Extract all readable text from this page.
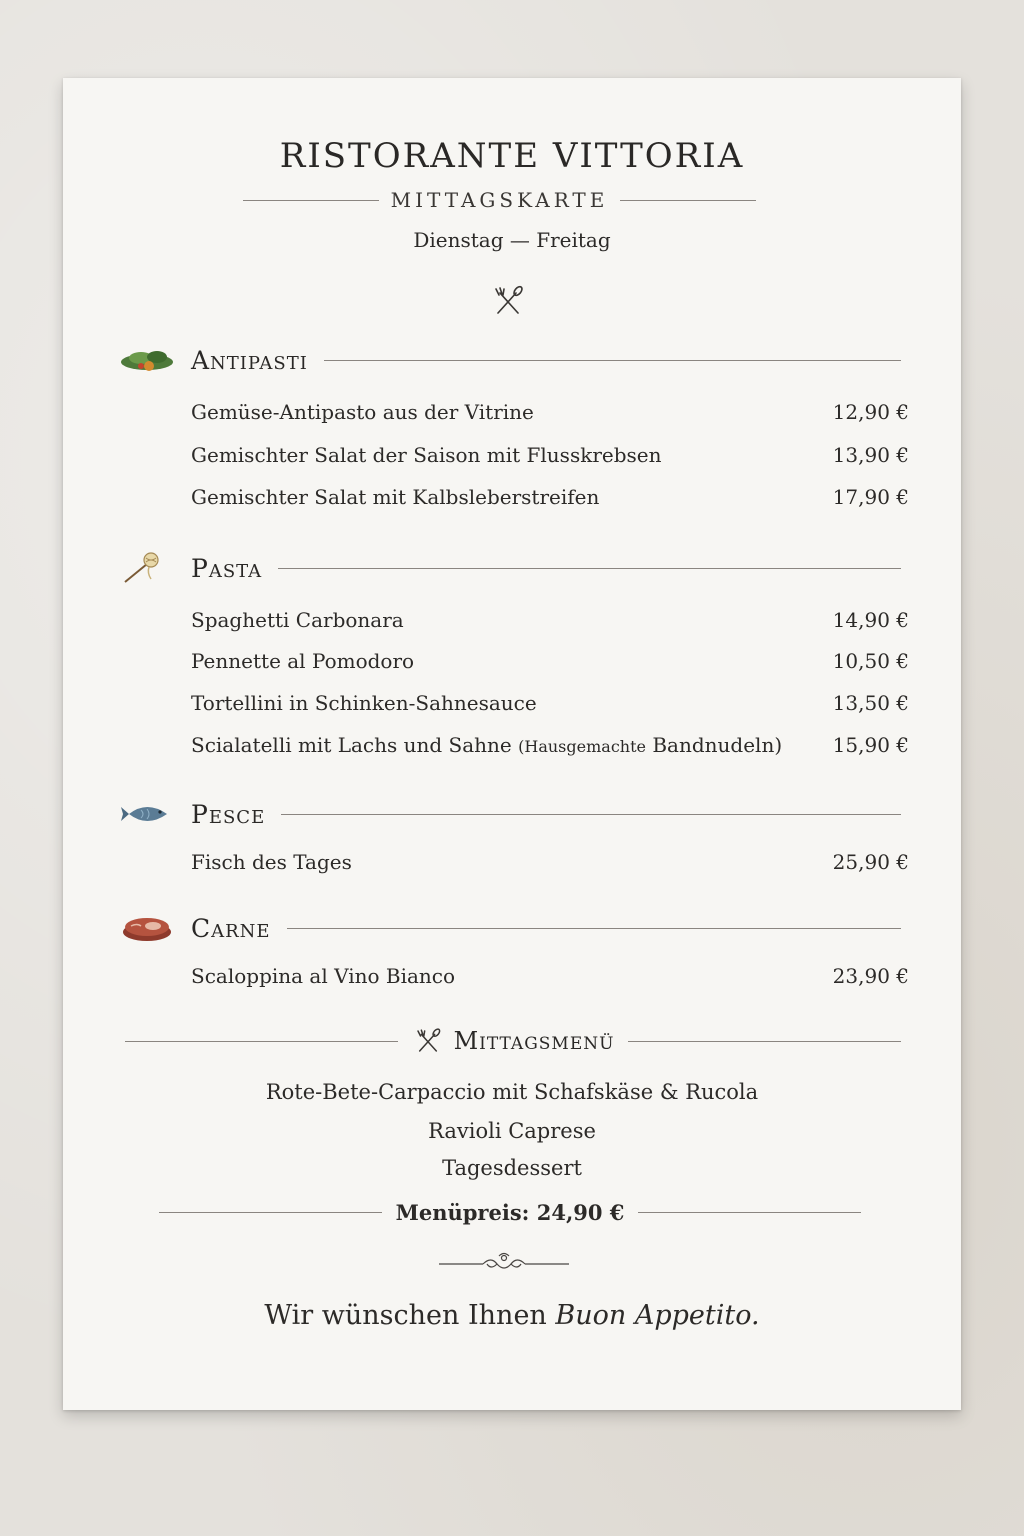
RISTORANTE VITTORIA
MITTAGSKARTE
Dienstag — Freitag
Antipasti
Gemüse-Antipasto aus der Vitrine	12,90 €
Gemischter Salat der Saison mit Flusskrebsen	13,90 €
Gemischter Salat mit Kalbsleberstreifen	17,90 €
Pasta
Spaghetti Carbonara	14,90 €
Pennette al Pomodoro	10,50 €
Tortellini in Schinken-Sahnesauce	13,50 €
Scialatelli mit Lachs und Sahne (Hausgemachte Bandnudeln)	15,90 €
Pesce
Fisch des Tages	25,90 €
Carne
Scaloppina al Vino Bianco	23,90 €
Mittagsmenü
Rote-Bete-Carpaccio mit Schafskäse & Rucola
Ravioli Caprese
Tagesdessert
Menüpreis: 24,90 €
Wir wünschen Ihnen Buon Appetito.
